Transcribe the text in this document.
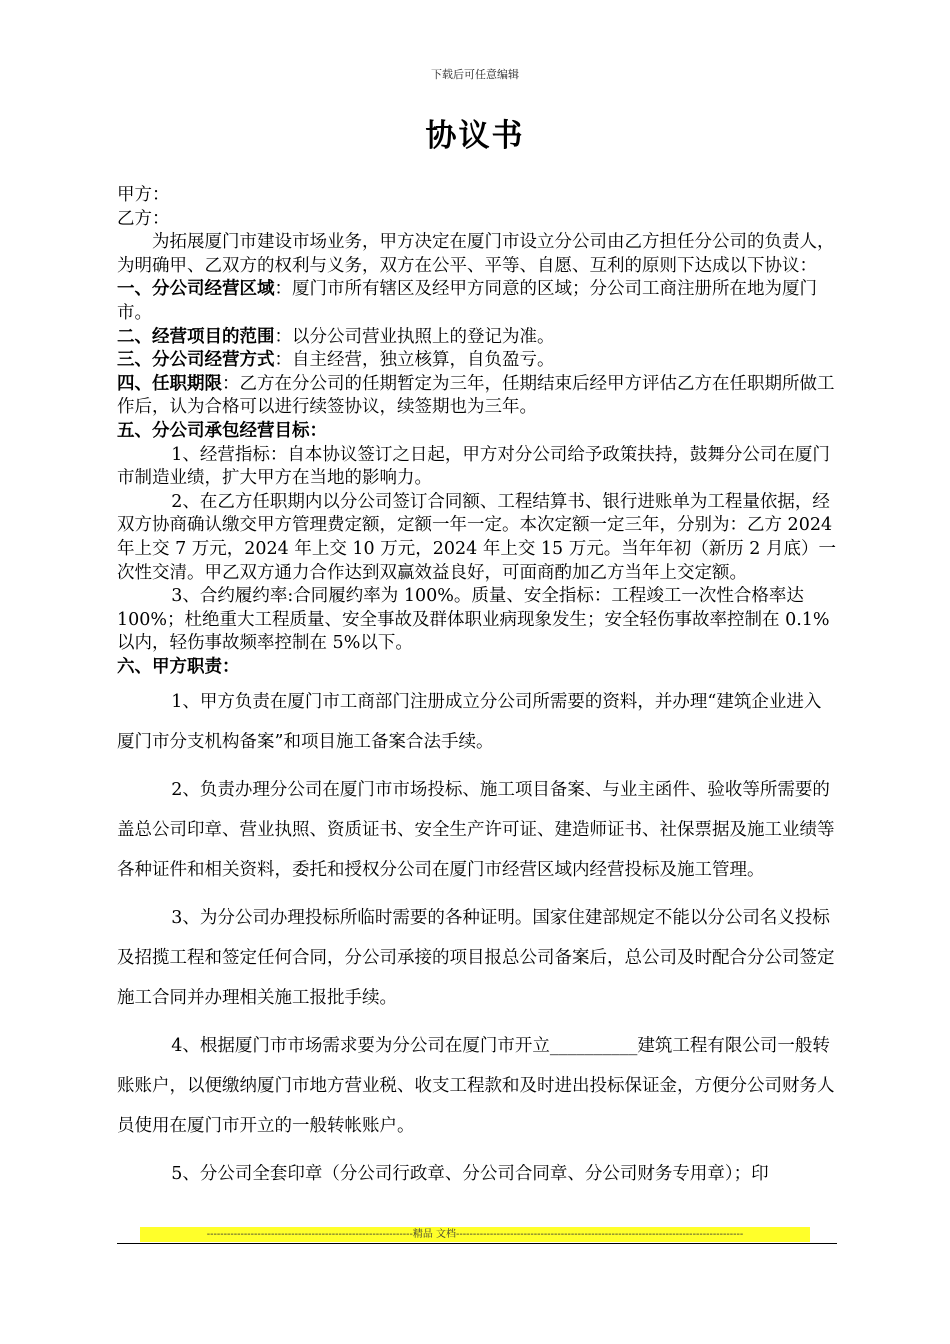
下载后可任意编辑
协议书

甲方：

乙方：

为拓展厦门市建设市场业务，甲方决定在厦门市设立分公司由乙方担任分公司的负责人，为明确甲、乙双方的权利与义务，双方在公平、平等、自愿、互利的原则下达成以下协议：

一、分公司经营区域：厦门市所有辖区及经甲方同意的区域；分公司工商注册所在地为厦门市。

二、经营项目的范围：以分公司营业执照上的登记为准。

三、分公司经营方式：自主经营，独立核算，自负盈亏。

四、任职期限：乙方在分公司的任期暂定为三年，任期结束后经甲方评估乙方在任职期所做工作后，认为合格可以进行续签协议，续签期也为三年。

五、分公司承包经营目标：

1、经营指标：自本协议签订之日起，甲方对分公司给予政策扶持，鼓舞分公司在厦门市制造业绩，扩大甲方在当地的影响力。

2、在乙方任职期内以分公司签订合同额、工程结算书、银行进账单为工程量依据，经双方协商确认缴交甲方管理费定额，定额一年一定。本次定额一定三年，分别为：乙方 2024 年上交 7 万元，2024 年上交 10 万元，2024 年上交 15 万元。当年年初（新历 2 月底）一次性交清。甲乙双方通力合作达到双赢效益良好，可面商酌加乙方当年上交定额。

3、合约履约率:合同履约率为 100%。质量、安全指标：工程竣工一次性合格率达 100%；杜绝重大工程质量、安全事故及群体职业病现象发生；安全轻伤事故率控制在 0.1%以内，轻伤事故频率控制在 5%以下。

六、甲方职责：

1、甲方负责在厦门市工商部门注册成立分公司所需要的资料，并办理“建筑企业进入厦门市分支机构备案”和项目施工备案合法手续。

2、负责办理分公司在厦门市市场投标、施工项目备案、与业主函件、验收等所需要的盖总公司印章、营业执照、资质证书、安全生产许可证、建造师证书、社保票据及施工业绩等各种证件和相关资料，委托和授权分公司在厦门市经营区域内经营投标及施工管理。

3、为分公司办理投标所临时需要的各种证明。国家住建部规定不能以分公司名义投标及招揽工程和签定任何合同，分公司承接的项目报总公司备案后，总公司及时配合分公司签定施工合同并办理相关施工报批手续。

4、根据厦门市市场需求要为分公司在厦门市开立__________建筑工程有限公司一般转账账户，以便缴纳厦门市地方营业税、收支工程款和及时进出投标保证金，方便分公司财务人员使用在厦门市开立的一般转帐账户。

5、分公司全套印章（分公司行政章、分公司合同章、分公司财务专用章）；印

-------------------------------------------------------------精品 文档-------------------------------------------------------------------------------------
